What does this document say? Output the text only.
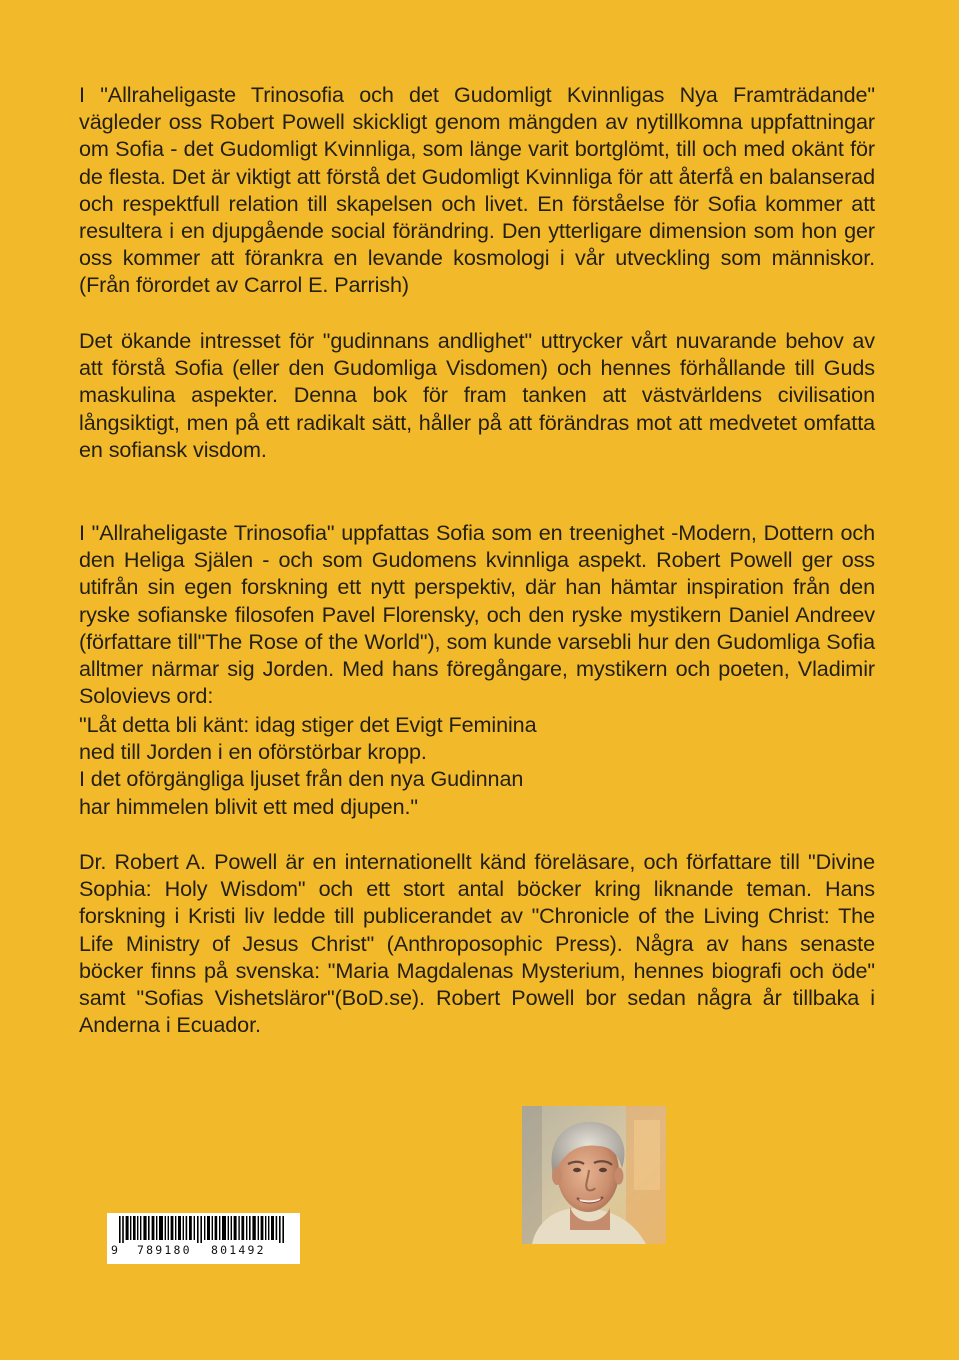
I "Allraheligaste Trinosofia och det Gudomligt Kvinnligas Nya Framträdande" vägleder oss Robert Powell skickligt genom mängden av nytillkomna uppfattningar om Sofia - det Gudomligt Kvinnliga, som länge varit bortglömt, till och med okänt för de flesta. Det är viktigt att förstå det Gudomligt Kvinnliga för att återfå en balanserad och respektfull relation till skapelsen och livet. En förståelse för Sofia kommer att resultera i en djupgående social förändring. Den ytterligare dimension som hon ger oss kommer att förankra en levande kosmologi i vår utveckling som människor. (Från förordet av Carrol E. Parrish)

Det ökande intresset för "gudinnans andlighet" uttrycker vårt nuvarande behov av att förstå Sofia (eller den Gudomliga Visdomen) och hennes förhållande till Guds maskulina aspekter. Denna bok för fram tanken att västvärldens civilisation långsiktigt, men på ett radikalt sätt, håller på att förändras mot att medvetet omfatta en sofiansk visdom.

I "Allraheligaste Trinosofia" uppfattas Sofia som en treenighet -Modern, Dottern och den Heliga Själen - och som Gudomens kvinnliga aspekt. Robert Powell ger oss utifrån sin egen forskning ett nytt perspektiv, där han hämtar inspiration från den ryske sofianske filosofen Pavel Florensky, och den ryske mystikern Daniel Andreev (författare till"The Rose of the World"), som kunde varsebli hur den Gudomliga Sofia alltmer närmar sig Jorden. Med hans föregångare, mystikern och poeten, Vladimir Solovievs ord:

"Låt detta bli känt: idag stiger det Evigt Feminina
ned till Jorden i en oförstörbar kropp.
I det oförgängliga ljuset från den nya Gudinnan
har himmelen blivit ett med djupen."

Dr. Robert A. Powell är en internationellt känd föreläsare, och författare till "Divine Sophia: Holy Wisdom" och ett stort antal böcker kring liknande teman. Hans forskning i Kristi liv ledde till publicerandet av "Chronicle of the Living Christ: The Life Ministry of Jesus Christ" (Anthroposophic Press). Några av hans senaste böcker finns på svenska: "Maria Magdalenas Mysterium, hennes biografi och öde" samt "Sofias Vishetsläror"(BoD.se). Robert Powell bor sedan några år tillbaka i Anderna i Ecuador.

9 789180 801492
